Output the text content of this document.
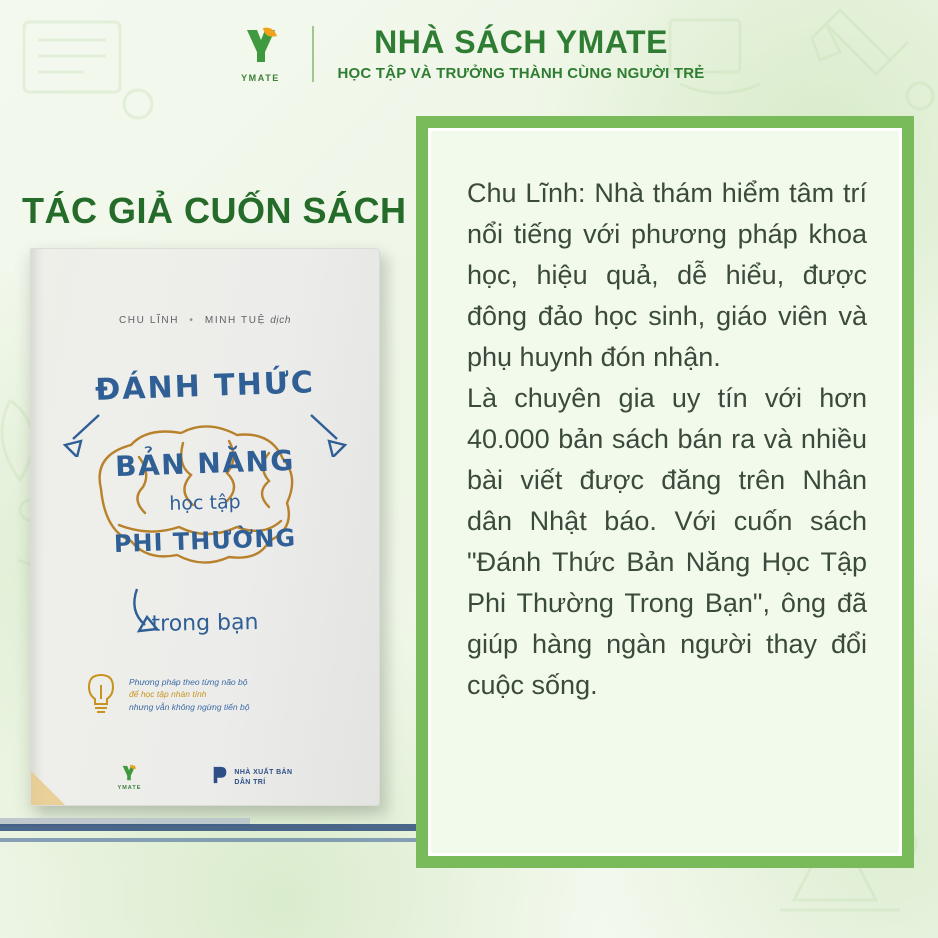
YMATE
NHÀ SÁCH YMATE
HỌC TẬP VÀ TRƯỞNG THÀNH CÙNG NGƯỜI TRẺ
TÁC GIẢ CUỐN SÁCH
CHU LĨNH • MINH TUỆ dịch
ĐÁNH THỨC
BẢN NĂNG
học tập
PHI THƯỜNG
trong bạn
Phương pháp theo từng não bộ
để học tập nhàn tính
nhưng vẫn không ngừng tiến bộ
YMATE
NHÀ XUẤT BẢN
DÂN TRÍ

Chu Lĩnh: Nhà thám hiểm tâm trí nổi tiếng với phương pháp khoa học, hiệu quả, dễ hiểu, được đông đảo học sinh, giáo viên và phụ huynh đón nhận.

Là chuyên gia uy tín với hơn 40.000 bản sách bán ra và nhiều bài viết được đăng trên Nhân dân Nhật báo. Với cuốn sách "Đánh Thức Bản Năng Học Tập Phi Thường Trong Bạn", ông đã giúp hàng ngàn người thay đổi cuộc sống.
